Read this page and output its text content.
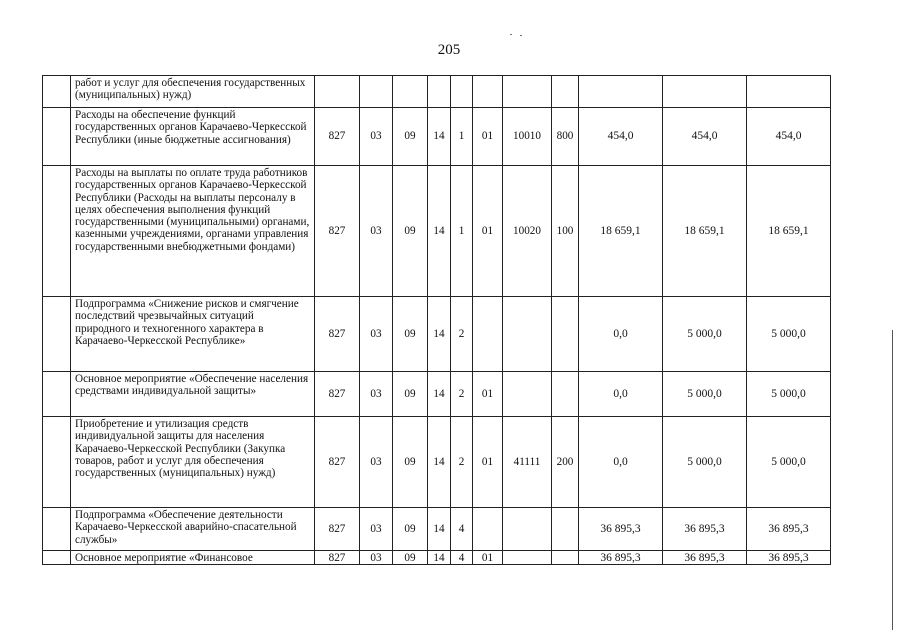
205
	работ и услуг для обеспечения государственных (муниципальных) нужд)											
	Расходы на обеспечение функций государственных органов Карачаево-Черкесской Республики (иные бюджетные ассигнования)	827	03	09	14	1	01	10010	800	454,0	454,0	454,0
	Расходы на выплаты по оплате труда работников государственных органов Карачаево-Черкесской Республики (Расходы на выплаты персоналу в целях обеспечения выполнения функций государственными (муниципальными) органами, казенными учреждениями, органами управления государственными внебюджетными фондами)	827	03	09	14	1	01	10020	100	18 659,1	18 659,1	18 659,1
	Подпрограмма «Снижение рисков и смягчение последствий чрезвычайных ситуаций природного и техногенного характера в Карачаево-Черкесской Республике»	827	03	09	14	2				0,0	5 000,0	5 000,0
	Основное мероприятие «Обеспечение населения средствами индивидуальной защиты»	827	03	09	14	2	01			0,0	5 000,0	5 000,0
	Приобретение и утилизация средств индивидуальной защиты для населения Карачаево-Черкесской Республики (Закупка товаров, работ и услуг для обеспечения государственных (муниципальных) нужд)	827	03	09	14	2	01	41111	200	0,0	5 000,0	5 000,0
	Подпрограмма «Обеспечение деятельности Карачаево-Черкесской аварийно-спасательной службы»	827	03	09	14	4				36 895,3	36 895,3	36 895,3
	Основное мероприятие «Финансовое	827	03	09	14	4	01			36 895,3	36 895,3	36 895,3
